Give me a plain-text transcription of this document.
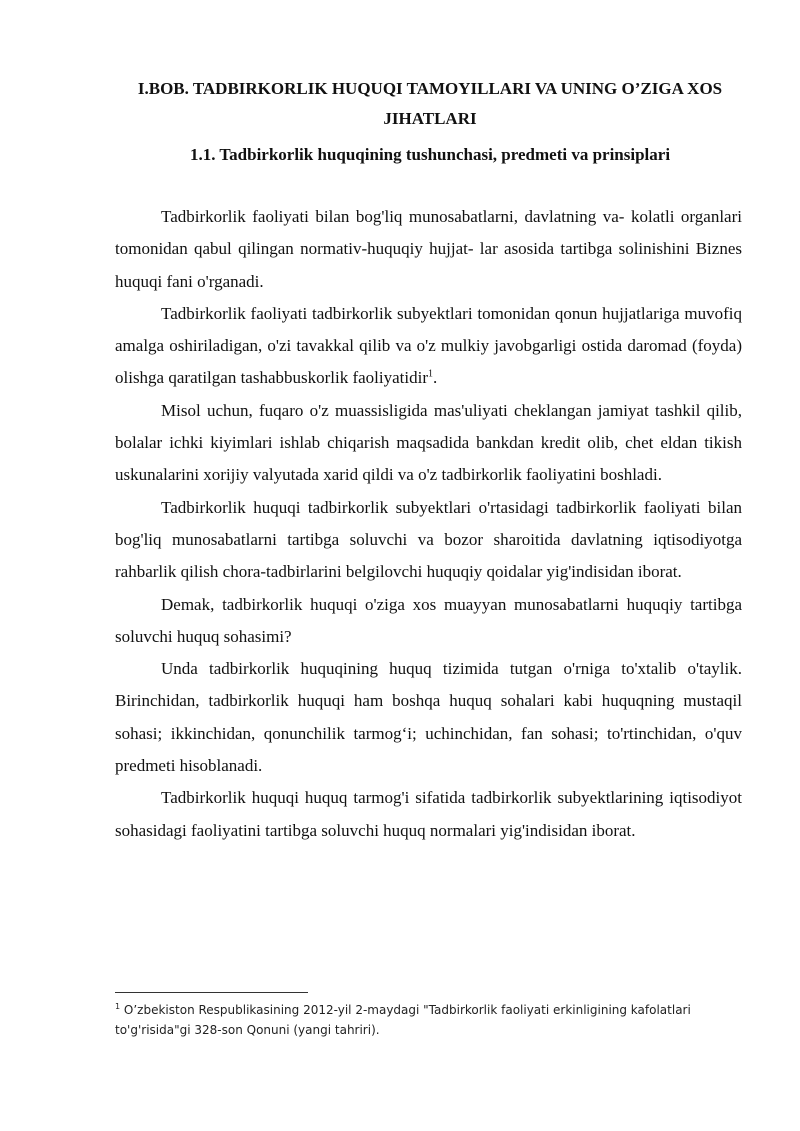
I.BOB. TADBIRKORLIK HUQUQI TAMOYILLARI VA UNING O’ZIGA XOS JIHATLARI
1.1. Tadbirkorlik huquqining tushunchasi, predmeti va prinsiplari

Tadbirkorlik faoliyati bilan bog'liq munosabatlarni, davlatning va- kolatli organlari tomonidan qabul qilingan normativ-huquqiy hujjat- lar asosida tartibga solinishini Biznes huquqi fani o'rganadi.

Tadbirkorlik faoliyati tadbirkorlik subyektlari tomonidan qonun hujjatlariga muvofiq amalga oshiriladigan, o'zi tavakkal qilib va o'z mulkiy javobgarligi ostida daromad (foyda) olishga qaratilgan tashabbuskorlik faoliyatidir$^1$.

Misol uchun, fuqaro o'z muassisligida mas'uliyati cheklangan jamiyat tashkil qilib, bolalar ichki kiyimlari ishlab chiqarish maqsadida bankdan kredit olib, chet eldan tikish uskunalarini xorijiy valyutada xarid qildi va o'z tadbirkorlik faoliyatini boshladi.

Tadbirkorlik huquqi tadbirkorlik subyektlari o'rtasidagi tadbirkorlik faoliyati bilan bog'liq munosabatlarni tartibga soluvchi va bozor sharoitida davlatning iqtisodiyotga rahbarlik qilish chora-tadbirlarini belgilovchi huquqiy qoidalar yig'indisidan iborat.

Demak, tadbirkorlik huquqi o'ziga xos muayyan munosabatlarni huquqiy tartibga soluvchi huquq sohasimi?

Unda tadbirkorlik huquqining huquq tizimida tutgan o'rniga to'xtalib o'taylik. Birinchidan, tadbirkorlik huquqi ham boshqa huquq sohalari kabi huquqning mustaqil sohasi; ikkinchidan, qonunchilik tarmog‘i; uchinchidan, fan sohasi; to'rtinchidan, o'quv predmeti hisoblanadi.

Tadbirkorlik huquqi huquq tarmog'i sifatida tadbirkorlik subyektlarining iqtisodiyot sohasidagi faoliyatini tartibga soluvchi huquq normalari yig'indisidan iborat.

$^1$ O’zbekiston Respublikasining 2012-yil 2-maydagi "Tadbirkorlik faoliyati erkinligining kafolatlari to'g'risida"gi 328-son Qonuni (yangi tahriri).
